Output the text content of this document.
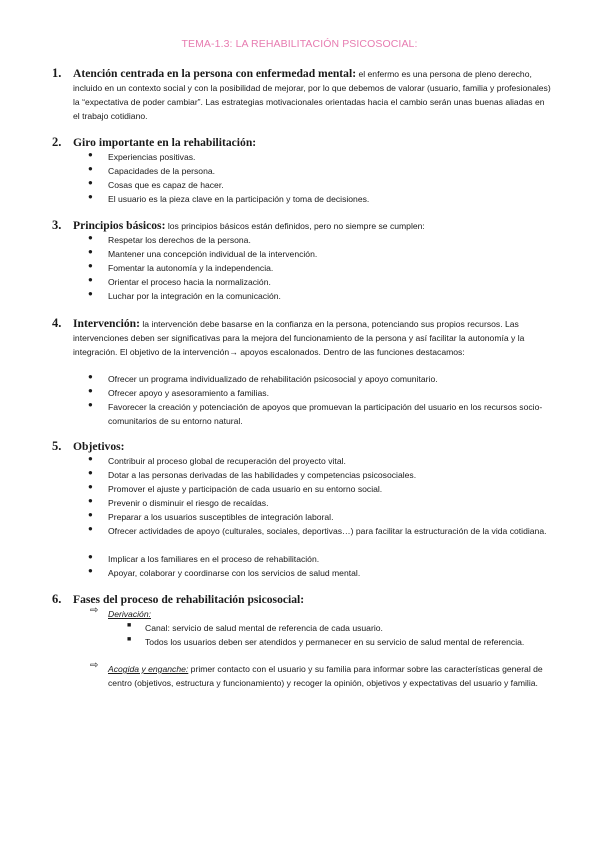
TEMA-1.3: LA REHABILITACIÓN PSICOSOCIAL:
1. Atención centrada en la persona con enfermedad mental: el enfermo es una persona de pleno derecho, incluido en un contexto social y con la posibilidad de mejorar, por lo que debemos de valorar (usuario, familia y profesionales) la “expectativa de poder cambiar”. Las estrategias motivacionales orientadas hacia el cambio serán unas buenas aliadas en el trabajo cotidiano.
2. Giro importante en la rehabilitación:
●	Experiencias positivas.
●	Capacidades de la persona.
●	Cosas que es capaz de hacer.
●	El usuario es la pieza clave en la participación y toma de decisiones.
3. Principios básicos: los principios básicos están definidos, pero no siempre se cumplen:
●	Respetar los derechos de la persona.
●	Mantener una concepción individual de la intervención.
●	Fomentar la autonomía y la independencia.
●	Orientar el proceso hacia la normalización.
●	Luchar por la integración en la comunicación.
4. Intervención: la intervención debe basarse en la confianza en la persona, potenciando sus propios recursos. Las intervenciones deben ser significativas para la mejora del funcionamiento de la persona y así facilitar la autonomía y la integración. El objetivo de la intervención→ apoyos escalonados. Dentro de las funciones destacamos:
●	Ofrecer un programa individualizado de rehabilitación psicosocial y apoyo comunitario.
●	Ofrecer apoyo y asesoramiento a familias.
●	Favorecer la creación y potenciación de apoyos que promuevan la participación del usuario en los recursos socio-comunitarios de su entorno natural.
5. Objetivos:
●	Contribuir al proceso global de recuperación del proyecto vital.
●	Dotar a las personas derivadas de las habilidades y competencias psicosociales.
●	Promover el ajuste y participación de cada usuario en su entorno social.
●	Prevenir o disminuir el riesgo de recaídas.
●	Preparar a los usuarios susceptibles de integración laboral.
●	Ofrecer actividades de apoyo (culturales, sociales, deportivas…) para facilitar la estructuración de la vida cotidiana.
●	Implicar a los familiares en el proceso de rehabilitación.
●	Apoyar, colaborar y coordinarse con los servicios de salud mental.
6. Fases del proceso de rehabilitación psicosocial:
⇨ Derivación:
■ Canal: servicio de salud mental de referencia de cada usuario.
■ Todos los usuarios deben ser atendidos y permanecer en su servicio de salud mental de referencia.
⇨ Acogida y enganche: primer contacto con el usuario y su familia para informar sobre las características general de centro (objetivos, estructura y funcionamiento) y recoger la opinión, objetivos y expectativas del usuario y familia.
